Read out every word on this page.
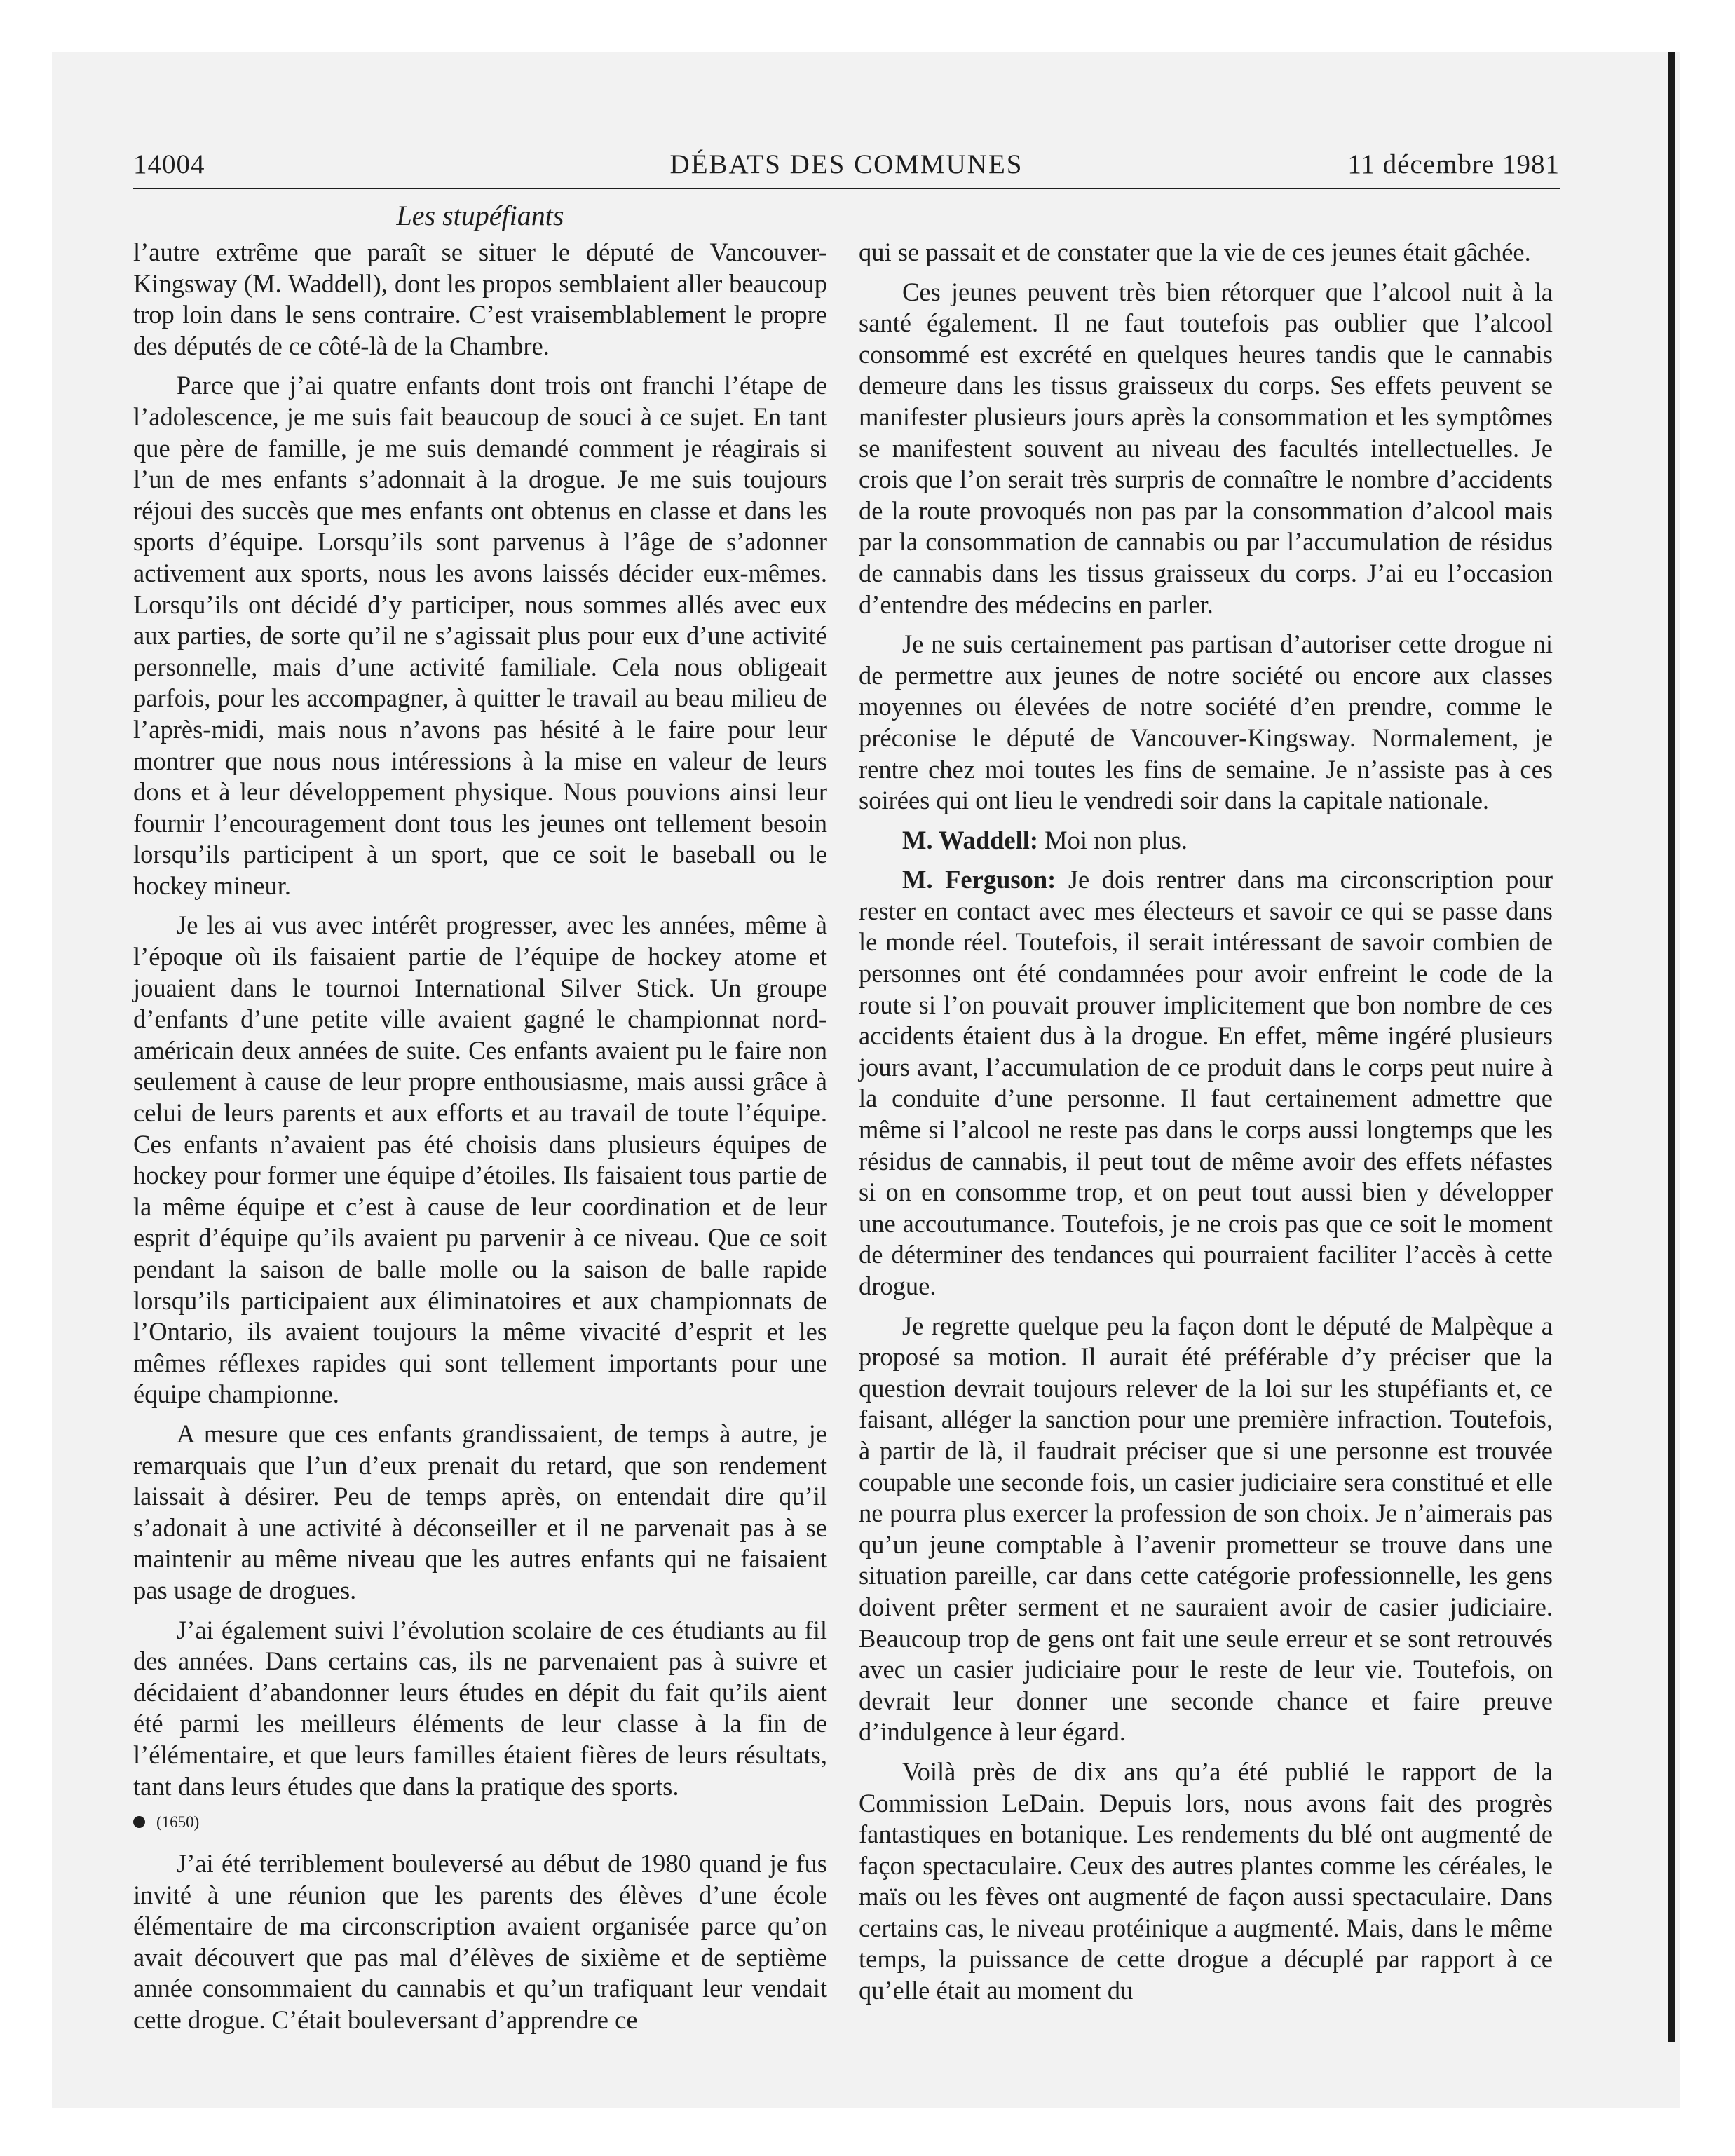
14004	DÉBATS DES COMMUNES	11 décembre 1981
Les stupéfiants

l’autre extrême que paraît se situer le député de Vancouver-Kingsway (M. Waddell), dont les propos semblaient aller beaucoup trop loin dans le sens contraire. C’est vraisemblablement le propre des députés de ce côté-là de la Chambre.

Parce que j’ai quatre enfants dont trois ont franchi l’étape de l’adolescence, je me suis fait beaucoup de souci à ce sujet. En tant que père de famille, je me suis demandé comment je réagirais si l’un de mes enfants s’adonnait à la drogue. Je me suis toujours réjoui des succès que mes enfants ont obtenus en classe et dans les sports d’équipe. Lorsqu’ils sont parvenus à l’âge de s’adonner activement aux sports, nous les avons laissés décider eux-mêmes. Lorsqu’ils ont décidé d’y participer, nous sommes allés avec eux aux parties, de sorte qu’il ne s’agissait plus pour eux d’une activité personnelle, mais d’une activité familiale. Cela nous obligeait parfois, pour les accompagner, à quitter le travail au beau milieu de l’après-midi, mais nous n’avons pas hésité à le faire pour leur montrer que nous nous intéressions à la mise en valeur de leurs dons et à leur développement physique. Nous pouvions ainsi leur fournir l’encouragement dont tous les jeunes ont tellement besoin lorsqu’ils participent à un sport, que ce soit le baseball ou le hockey mineur.

Je les ai vus avec intérêt progresser, avec les années, même à l’époque où ils faisaient partie de l’équipe de hockey atome et jouaient dans le tournoi International Silver Stick. Un groupe d’enfants d’une petite ville avaient gagné le championnat nord-américain deux années de suite. Ces enfants avaient pu le faire non seulement à cause de leur propre enthousiasme, mais aussi grâce à celui de leurs parents et aux efforts et au travail de toute l’équipe. Ces enfants n’avaient pas été choisis dans plusieurs équipes de hockey pour former une équipe d’étoiles. Ils faisaient tous partie de la même équipe et c’est à cause de leur coordination et de leur esprit d’équipe qu’ils avaient pu parvenir à ce niveau. Que ce soit pendant la saison de balle molle ou la saison de balle rapide lorsqu’ils participaient aux éliminatoires et aux championnats de l’Ontario, ils avaient toujours la même vivacité d’esprit et les mêmes réflexes rapides qui sont tellement importants pour une équipe championne.

A mesure que ces enfants grandissaient, de temps à autre, je remarquais que l’un d’eux prenait du retard, que son rendement laissait à désirer. Peu de temps après, on entendait dire qu’il s’adonait à une activité à déconseiller et il ne parvenait pas à se maintenir au même niveau que les autres enfants qui ne faisaient pas usage de drogues.

J’ai également suivi l’évolution scolaire de ces étudiants au fil des années. Dans certains cas, ils ne parvenaient pas à suivre et décidaient d’abandonner leurs études en dépit du fait qu’ils aient été parmi les meilleurs éléments de leur classe à la fin de l’élémentaire, et que leurs familles étaient fières de leurs résultats, tant dans leurs études que dans la pratique des sports.

(1650)

J’ai été terriblement bouleversé au début de 1980 quand je fus invité à une réunion que les parents des élèves d’une école élémentaire de ma circonscription avaient organisée parce qu’on avait découvert que pas mal d’élèves de sixième et de septième année consommaient du cannabis et qu’un trafiquant leur vendait cette drogue. C’était bouleversant d’apprendre ce

qui se passait et de constater que la vie de ces jeunes était gâchée.

Ces jeunes peuvent très bien rétorquer que l’alcool nuit à la santé également. Il ne faut toutefois pas oublier que l’alcool consommé est excrété en quelques heures tandis que le cannabis demeure dans les tissus graisseux du corps. Ses effets peuvent se manifester plusieurs jours après la consommation et les symptômes se manifestent souvent au niveau des facultés intellectuelles. Je crois que l’on serait très surpris de connaître le nombre d’accidents de la route provoqués non pas par la consommation d’alcool mais par la consommation de cannabis ou par l’accumulation de résidus de cannabis dans les tissus graisseux du corps. J’ai eu l’occasion d’entendre des médecins en parler.

Je ne suis certainement pas partisan d’autoriser cette drogue ni de permettre aux jeunes de notre société ou encore aux classes moyennes ou élevées de notre société d’en prendre, comme le préconise le député de Vancouver-Kingsway. Normalement, je rentre chez moi toutes les fins de semaine. Je n’assiste pas à ces soirées qui ont lieu le vendredi soir dans la capitale nationale.

M. Waddell: Moi non plus.

M. Ferguson: Je dois rentrer dans ma circonscription pour rester en contact avec mes électeurs et savoir ce qui se passe dans le monde réel. Toutefois, il serait intéressant de savoir combien de personnes ont été condamnées pour avoir enfreint le code de la route si l’on pouvait prouver implicitement que bon nombre de ces accidents étaient dus à la drogue. En effet, même ingéré plusieurs jours avant, l’accumulation de ce produit dans le corps peut nuire à la conduite d’une personne. Il faut certainement admettre que même si l’alcool ne reste pas dans le corps aussi longtemps que les résidus de cannabis, il peut tout de même avoir des effets néfastes si on en consomme trop, et on peut tout aussi bien y développer une accoutumance. Toutefois, je ne crois pas que ce soit le moment de déterminer des tendances qui pourraient faciliter l’accès à cette drogue.

Je regrette quelque peu la façon dont le député de Malpèque a proposé sa motion. Il aurait été préférable d’y préciser que la question devrait toujours relever de la loi sur les stupéfiants et, ce faisant, alléger la sanction pour une première infraction. Toutefois, à partir de là, il faudrait préciser que si une personne est trouvée coupable une seconde fois, un casier judiciaire sera constitué et elle ne pourra plus exercer la profession de son choix. Je n’aimerais pas qu’un jeune comptable à l’avenir prometteur se trouve dans une situation pareille, car dans cette catégorie professionnelle, les gens doivent prêter serment et ne sauraient avoir de casier judiciaire. Beaucoup trop de gens ont fait une seule erreur et se sont retrouvés avec un casier judiciaire pour le reste de leur vie. Toutefois, on devrait leur donner une seconde chance et faire preuve d’indulgence à leur égard.

Voilà près de dix ans qu’a été publié le rapport de la Commission LeDain. Depuis lors, nous avons fait des progrès fantastiques en botanique. Les rendements du blé ont augmenté de façon spectaculaire. Ceux des autres plantes comme les céréales, le maïs ou les fèves ont augmenté de façon aussi spectaculaire. Dans certains cas, le niveau protéinique a augmenté. Mais, dans le même temps, la puissance de cette drogue a décuplé par rapport à ce qu’elle était au moment du
